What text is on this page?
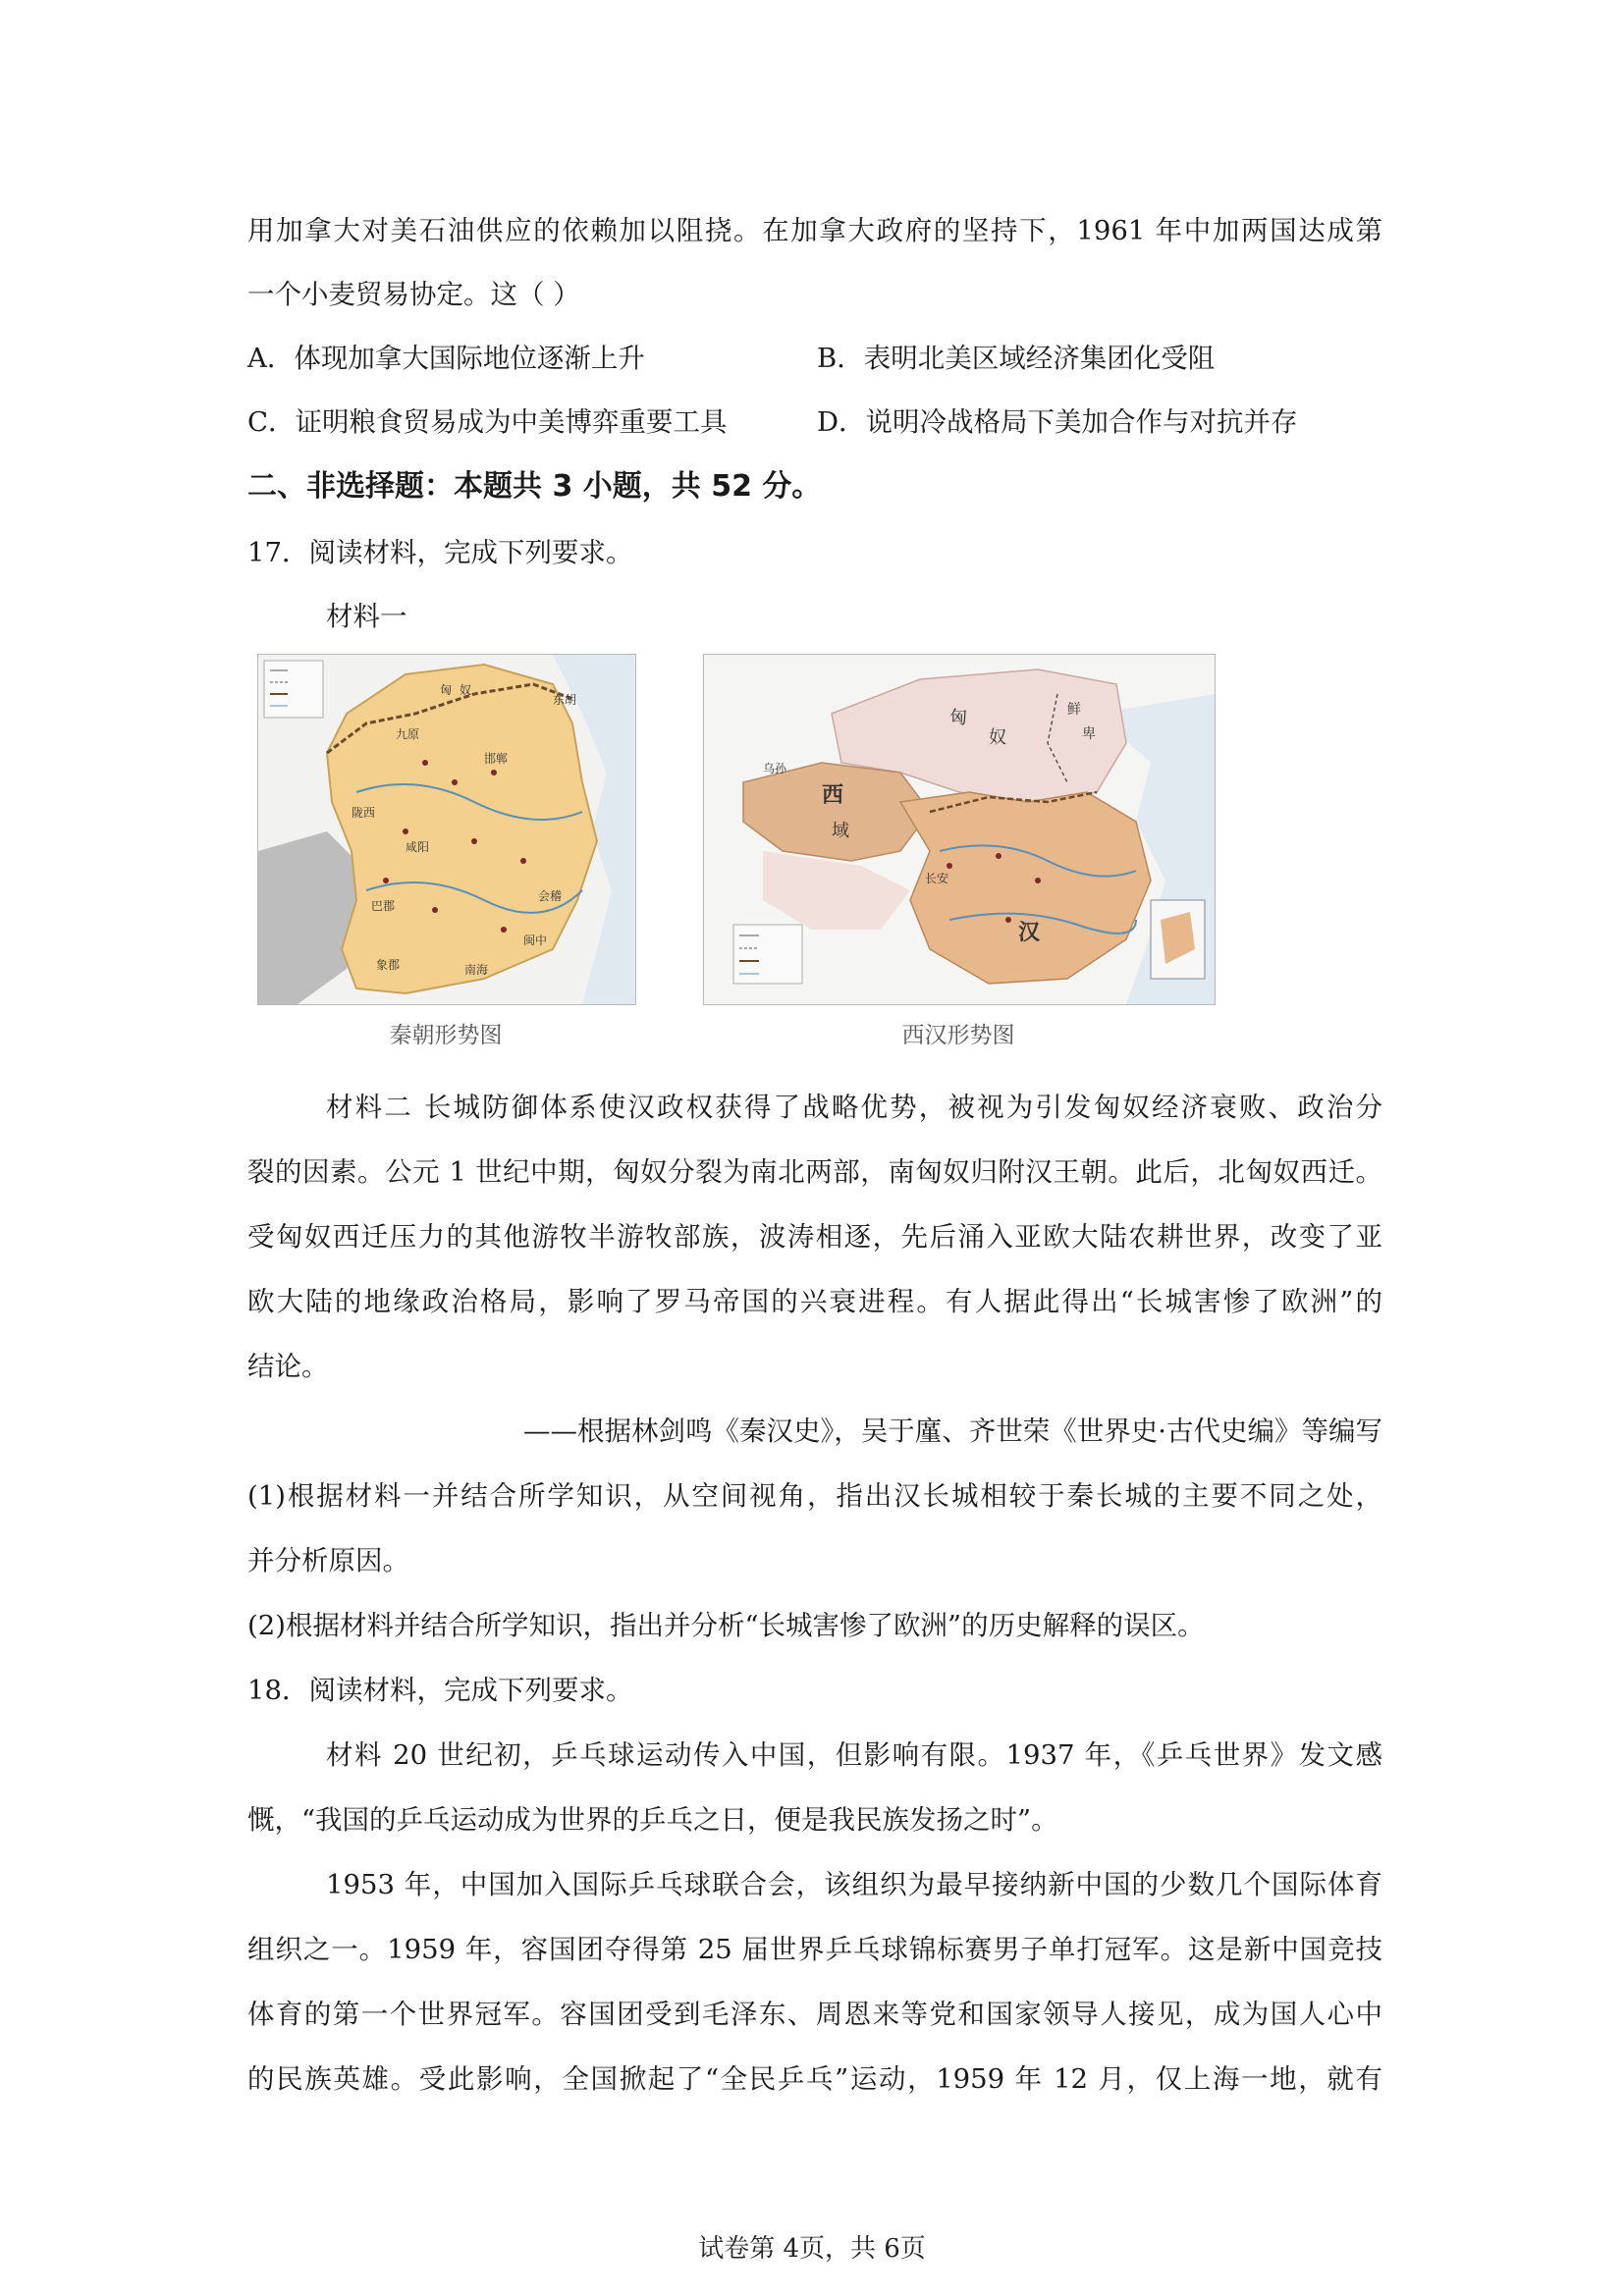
用加拿大对美石油供应的依赖加以阻挠。在加拿大政府的坚持下，1961 年中加两国达成第
一个小麦贸易协定。这（ ）
A．体现加拿大国际地位逐渐上升	B．表明北美区域经济集团化受阻
C．证明粮食贸易成为中美博弈重要工具	D．说明冷战格局下美加合作与对抗并存
二、非选择题：本题共 3 小题，共 52 分。
17．阅读材料，完成下列要求。
材料一
匈 奴
东胡
九原
陇西
咸阳
邯郸
会稽
南海
象郡
闽中
巴郡
西
汉
域
匈
奴
鲜
卑
长安
乌孙
秦朝形势图	西汉形势图
材料二 长城防御体系使汉政权获得了战略优势，被视为引发匈奴经济衰败、政治分
裂的因素。公元 1 世纪中期，匈奴分裂为南北两部，南匈奴归附汉王朝。此后，北匈奴西迁。
受匈奴西迁压力的其他游牧半游牧部族，波涛相逐，先后涌入亚欧大陆农耕世界，改变了亚
欧大陆的地缘政治格局，影响了罗马帝国的兴衰进程。有人据此得出“长城害惨了欧洲”的
结论。
——根据林剑鸣《秦汉史》，吴于廑、齐世荣《世界史·古代史编》等编写
(1)根据材料一并结合所学知识，从空间视角，指出汉长城相较于秦长城的主要不同之处，
并分析原因。
(2)根据材料并结合所学知识，指出并分析“长城害惨了欧洲”的历史解释的误区。
18．阅读材料，完成下列要求。
材料 20 世纪初，乒乓球运动传入中国，但影响有限。1937 年，《乒乓世界》发文感
慨，“我国的乒乓运动成为世界的乒乓之日，便是我民族发扬之时”。
1953 年，中国加入国际乒乓球联合会，该组织为最早接纳新中国的少数几个国际体育
组织之一。1959 年，容国团夺得第 25 届世界乒乓球锦标赛男子单打冠军。这是新中国竞技
体育的第一个世界冠军。容国团受到毛泽东、周恩来等党和国家领导人接见，成为国人心中
的民族英雄。受此影响，全国掀起了“全民乒乓”运动，1959 年 12 月，仅上海一地，就有
试卷第 4页，共 6页
